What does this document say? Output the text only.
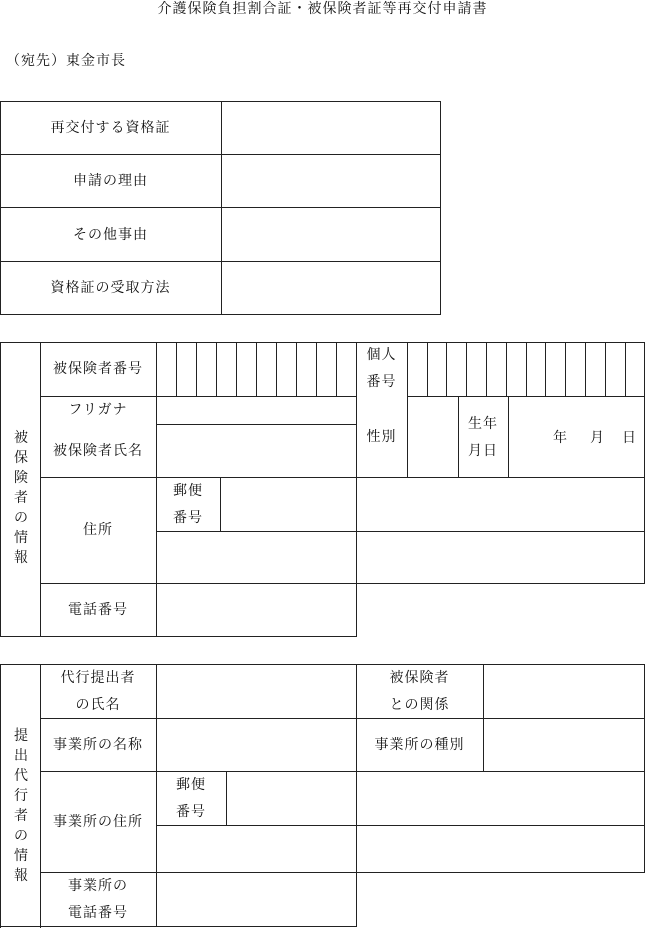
介護保険負担割合証・被保険者証等再交付申請書
（宛先）東金市長
再交付する資格証
申請の理由
その他事由
資格証の受取方法
被保険者の情報
被保険者番号
個人
番号
フリガナ
被保険者氏名
性別
生年
月日
年 月 日
住所
郵便
番号
電話番号
提出代行者の情報
代行提出者
の氏名
被保険者
との関係
事業所の名称	事業所の種別
事業所の住所
郵便
番号
事業所の
電話番号
